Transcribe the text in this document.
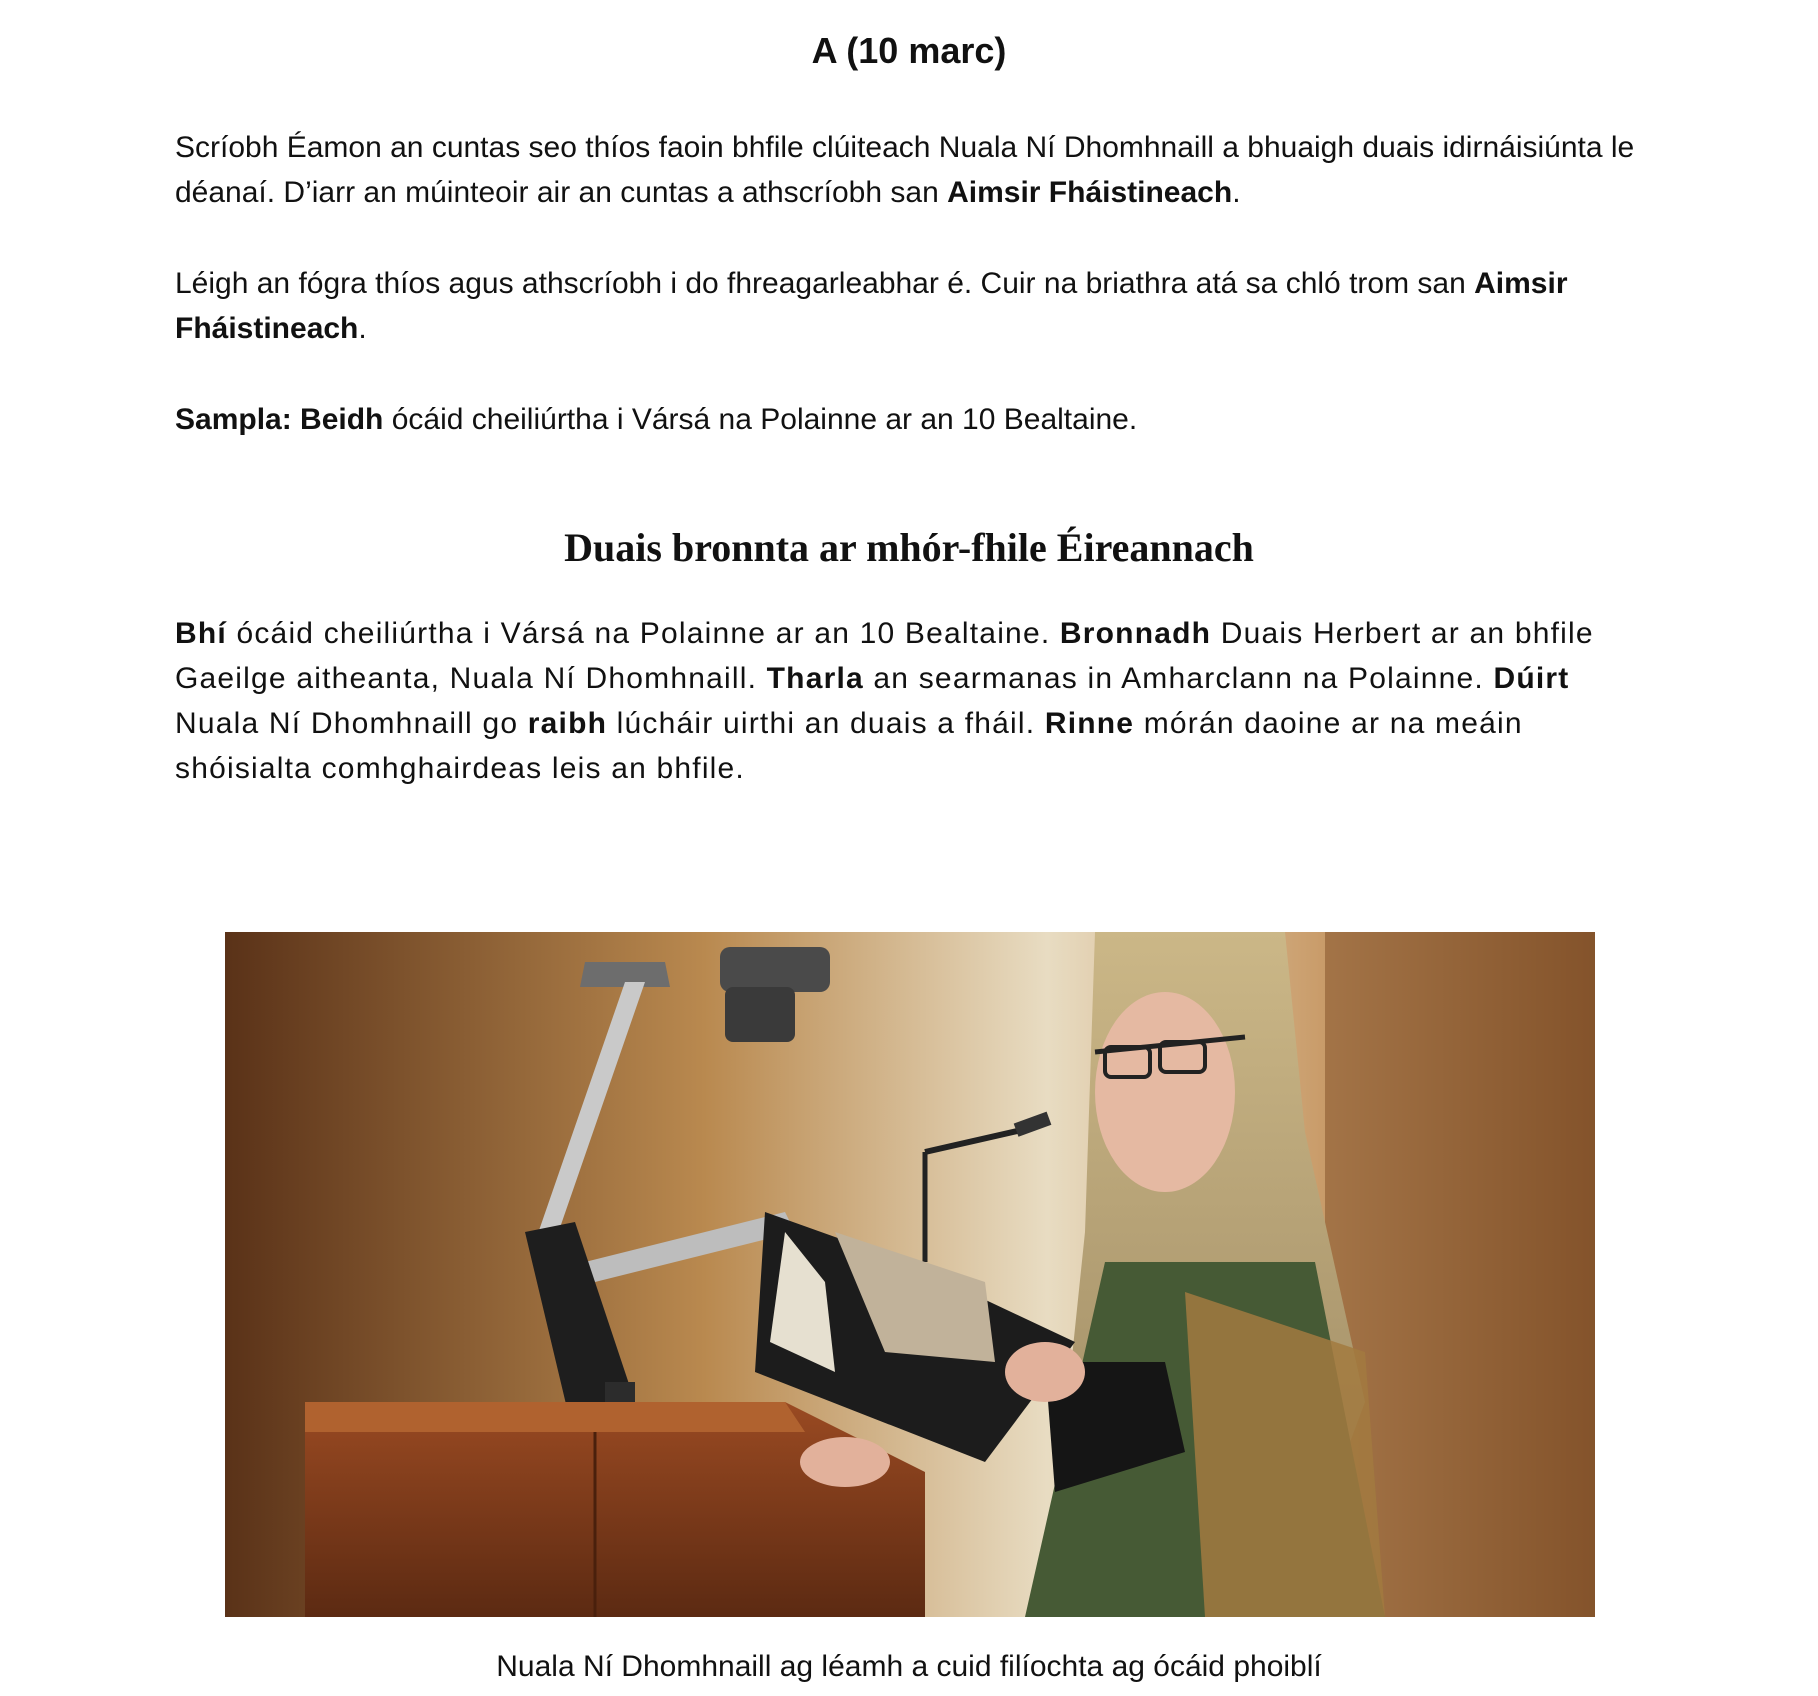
A (10 marc)
Scríobh Éamon an cuntas seo thíos faoin bhfile clúiteach Nuala Ní Dhomhnaill a bhuaigh duais idirnáisiúnta le déanaí. D’iarr an múinteoir air an cuntas a athscríobh san Aimsir Fháistineach.
Léigh an fógra thíos agus athscríobh i do fhreagarleabhar é. Cuir na briathra atá sa chló trom san Aimsir Fháistineach.
Sampla: Beidh ócáid cheiliúrtha i Vársá na Polainne ar an 10 Bealtaine.
Duais bronnta ar mhór-fhile Éireannach
Bhí ócáid cheiliúrtha i Vársá na Polainne ar an 10 Bealtaine. Bronnadh Duais Herbert ar an bhfile Gaeilge aitheanta, Nuala Ní Dhomhnaill. Tharla an searmanas in Amharclann na Polainne. Dúirt Nuala Ní Dhomhnaill go raibh lúcháir uirthi an duais a fháil. Rinne mórán daoine ar na meáin shóisialta comhghairdeas leis an bhfile.
Nuala Ní Dhomhnaill ag léamh a cuid filíochta ag ócáid phoiblí
